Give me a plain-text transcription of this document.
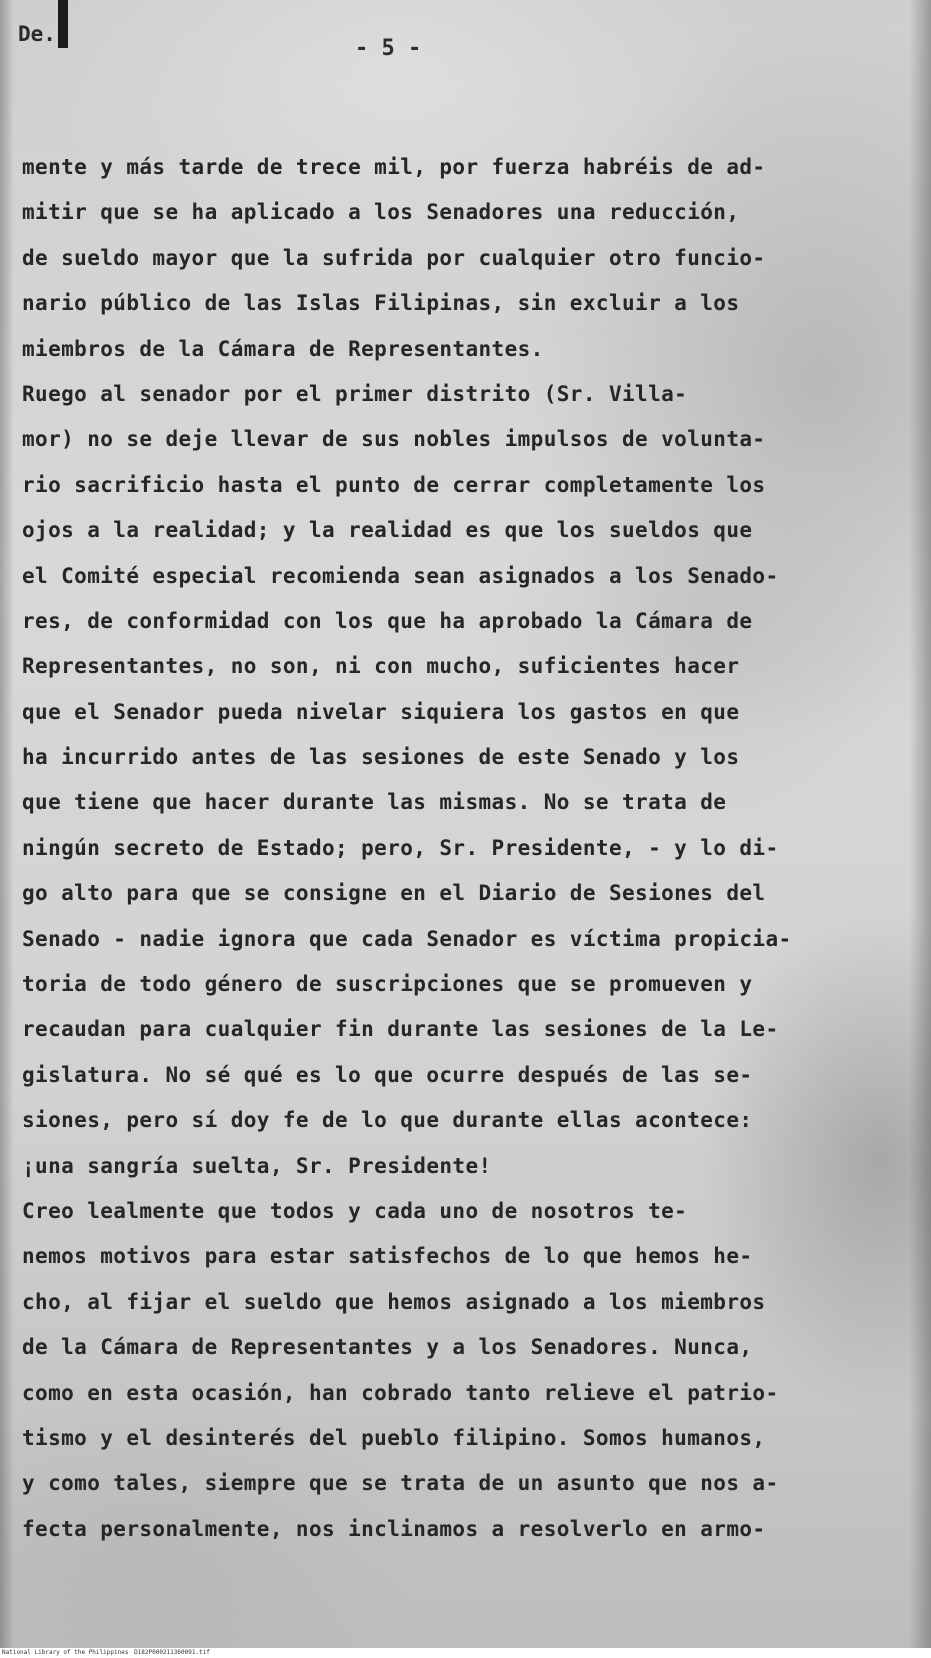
De.
- 5 -
mente y más tarde de trece mil, por fuerza habréis de ad-
mitir que se ha aplicado a los Senadores una reducción,
de sueldo mayor que la sufrida por cualquier otro funcio-
nario público de las Islas Filipinas, sin excluir a los
miembros de la Cámara de Representantes.
Ruego al senador por el primer distrito (Sr. Villa-
mor) no se deje llevar de sus nobles impulsos de volunta-
rio sacrificio hasta el punto de cerrar completamente los
ojos a la realidad; y la realidad es que los sueldos que
el Comité especial recomienda sean asignados a los Senado-
res, de conformidad con los que ha aprobado la Cámara de
Representantes, no son, ni con mucho, suficientes hacer
que el Senador pueda nivelar siquiera los gastos en que
ha incurrido antes de las sesiones de este Senado y los
que tiene que hacer durante las mismas. No se trata de
ningún secreto de Estado; pero, Sr. Presidente, - y lo di-
go alto para que se consigne en el Diario de Sesiones del
Senado - nadie ignora que cada Senador es víctima propicia-
toria de todo género de suscripciones que se promueven y
recaudan para cualquier fin durante las sesiones de la Le-
gislatura. No sé qué es lo que ocurre después de las se-
siones, pero sí doy fe de lo que durante ellas acontece:
¡una sangría suelta, Sr. Presidente!
Creo lealmente que todos y cada uno de nosotros te-
nemos motivos para estar satisfechos de lo que hemos he-
cho, al fijar el sueldo que hemos asignado a los miembros
de la Cámara de Representantes y a los Senadores. Nunca,
como en esta ocasión, han cobrado tanto relieve el patrio-
tismo y el desinterés del pueblo filipino. Somos humanos,
y como tales, siempre que se trata de un asunto que nos a-
fecta personalmente, nos inclinamos a resolverlo en armo-
National Library of the Philippines D182P000211360091.tif
